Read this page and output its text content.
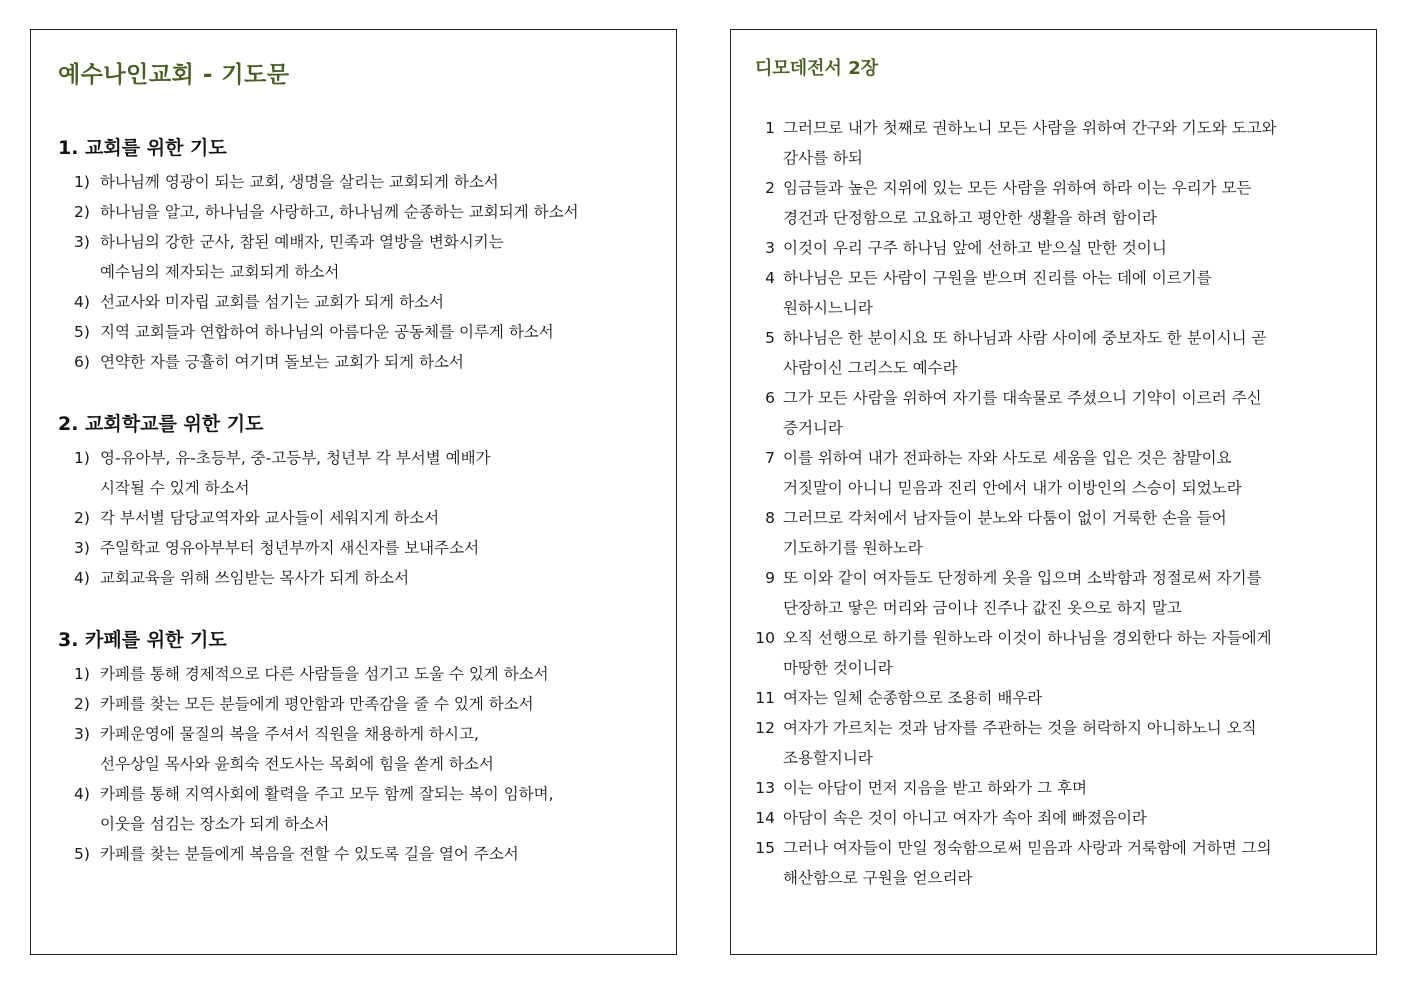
예수나인교회 - 기도문
1. 교회를 위한 기도
1) 하나님께 영광이 되는 교회, 생명을 살리는 교회되게 하소서
2) 하나님을 알고, 하나님을 사랑하고, 하나님께 순종하는 교회되게 하소서
3) 하나님의 강한 군사, 참된 예배자, 민족과 열방을 변화시키는
예수님의 제자되는 교회되게 하소서
4) 선교사와 미자립 교회를 섬기는 교회가 되게 하소서
5) 지역 교회들과 연합하여 하나님의 아름다운 공동체를 이루게 하소서
6) 연약한 자를 긍휼히 여기며 돌보는 교회가 되게 하소서
2. 교회학교를 위한 기도
1) 영-유아부, 유-초등부, 중-고등부, 청년부 각 부서별 예배가
시작될 수 있게 하소서
2) 각 부서별 담당교역자와 교사들이 세워지게 하소서
3) 주일학교 영유아부부터 청년부까지 새신자를 보내주소서
4) 교회교육을 위해 쓰임받는 목사가 되게 하소서
3. 카페를 위한 기도
1) 카페를 통해 경제적으로 다른 사람들을 섬기고 도울 수 있게 하소서
2) 카페를 찾는 모든 분들에게 평안함과 만족감을 줄 수 있게 하소서
3) 카페운영에 물질의 복을 주셔서 직원을 채용하게 하시고,
선우상일 목사와 윤희숙 전도사는 목회에 힘을 쏟게 하소서
4) 카페를 통해 지역사회에 활력을 주고 모두 함께 잘되는 복이 임하며,
이웃을 섬김는 장소가 되게 하소서
5) 카페를 찾는 분들에게 복음을 전할 수 있도록 길을 열어 주소서
디모데전서 2장
1 그러므로 내가 첫째로 권하노니 모든 사람을 위하여 간구와 기도와 도고와
감사를 하되
2 임금들과 높은 지위에 있는 모든 사람을 위하여 하라 이는 우리가 모든
경건과 단정함으로 고요하고 평안한 생활을 하려 함이라
3 이것이 우리 구주 하나님 앞에 선하고 받으실 만한 것이니
4 하나님은 모든 사람이 구원을 받으며 진리를 아는 데에 이르기를
원하시느니라
5 하나님은 한 분이시요 또 하나님과 사람 사이에 중보자도 한 분이시니 곧
사람이신 그리스도 예수라
6 그가 모든 사람을 위하여 자기를 대속물로 주셨으니 기약이 이르러 주신
증거니라
7 이를 위하여 내가 전파하는 자와 사도로 세움을 입은 것은 참말이요
거짓말이 아니니 믿음과 진리 안에서 내가 이방인의 스승이 되었노라
8 그러므로 각처에서 남자들이 분노와 다툼이 없이 거룩한 손을 들어
기도하기를 원하노라
9 또 이와 같이 여자들도 단정하게 옷을 입으며 소박함과 정절로써 자기를
단장하고 땋은 머리와 금이나 진주나 값진 옷으로 하지 말고
10 오직 선행으로 하기를 원하노라 이것이 하나님을 경외한다 하는 자들에게
마땅한 것이니라
11 여자는 일체 순종함으로 조용히 배우라
12 여자가 가르치는 것과 남자를 주관하는 것을 허락하지 아니하노니 오직
조용할지니라
13 이는 아담이 먼저 지음을 받고 하와가 그 후며
14 아담이 속은 것이 아니고 여자가 속아 죄에 빠졌음이라
15 그러나 여자들이 만일 정숙함으로써 믿음과 사랑과 거룩함에 거하면 그의
해산함으로 구원을 얻으리라
